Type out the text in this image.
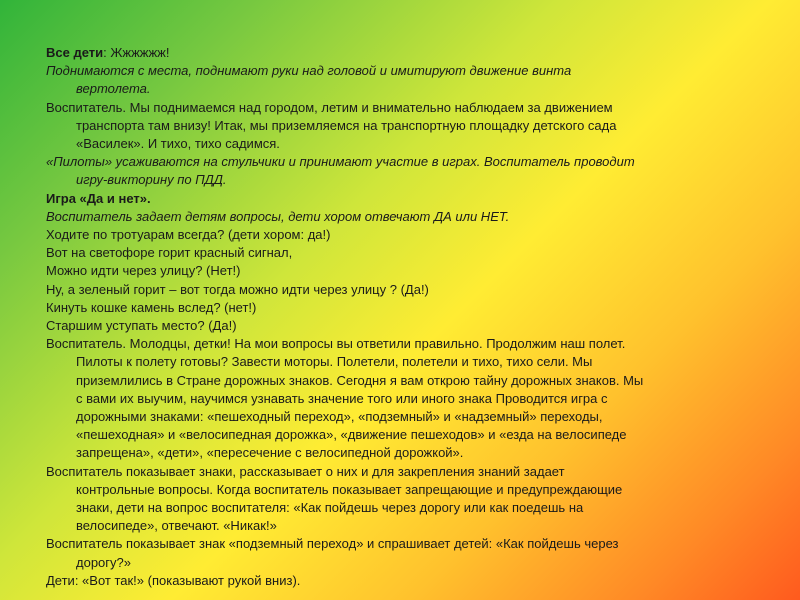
Все дети: Жжжжжж!

Поднимаются с места, поднимают руки над головой и имитируют движение винта
вертолета.

Воспитатель. Мы поднимаемся над городом, летим и внимательно наблюдаем за движением
транспорта там внизу! Итак, мы приземляемся на транспортную площадку детского сада
«Василек». И тихо, тихо садимся.

«Пилоты» усаживаются на стульчики и принимают участие в играх. Воспитатель проводит
игру-викторину по ПДД.

Игра «Да и нет».

Воспитатель задает детям вопросы, дети хором отвечают ДА или НЕТ.

Ходите по тротуарам всегда? (дети хором: да!)

Вот на светофоре горит красный сигнал,

Можно идти через улицу? (Нет!)

Ну, а зеленый горит – вот тогда можно идти через улицу ? (Да!)

Кинуть кошке камень вслед? (нет!)

Старшим уступать место? (Да!)

Воспитатель. Молодцы, детки! На мои вопросы вы ответили правильно. Продолжим наш полет.
Пилоты к полету готовы? Завести моторы. Полетели, полетели и тихо, тихо сели. Мы
приземлились в Стране дорожных знаков. Сегодня я вам открою тайну дорожных знаков. Мы
с вами их выучим, научимся узнавать значение того или иного знака Проводится игра с
дорожными знаками: «пешеходный переход», «подземный» и «надземный» переходы,
«пешеходная» и «велосипедная дорожка», «движение пешеходов» и «езда на велосипеде
запрещена», «дети», «пересечение с велосипедной дорожкой».

Воспитатель показывает знаки, рассказывает о них и для закрепления знаний задает
контрольные вопросы. Когда воспитатель показывает запрещающие и предупреждающие
знаки, дети на вопрос воспитателя: «Как пойдешь через дорогу или как поедешь на
велосипеде», отвечают. «Никак!»

Воспитатель показывает знак «подземный переход» и спрашивает детей: «Как пойдешь через
дорогу?»

Дети: «Вот так!» (показывают рукой вниз).
